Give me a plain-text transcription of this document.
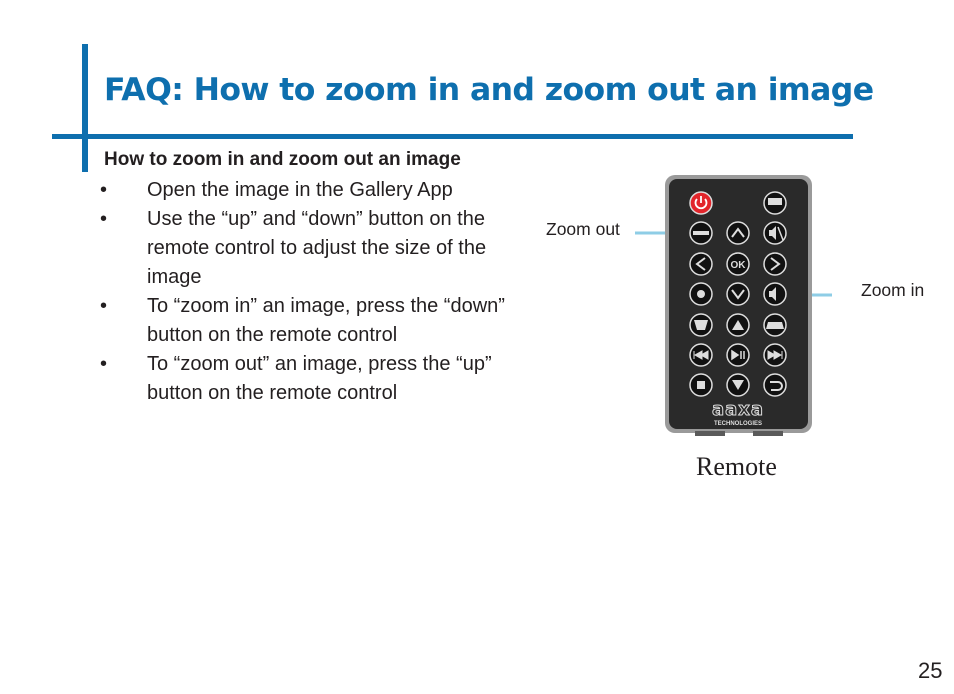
FAQ: How to zoom in and zoom out an image
How to zoom in and zoom out an image
•	Open the image in the Gallery App
•	Use the “up” and “down” button on the remote control to adjust the size of the image
•	To “zoom in” an image, press the “down” button on the remote control
•	To “zoom out” an image, press the “up” button on the remote control
Zoom out
Zoom in
OK
aaxa
TECHNOLOGIES
Remote
25
